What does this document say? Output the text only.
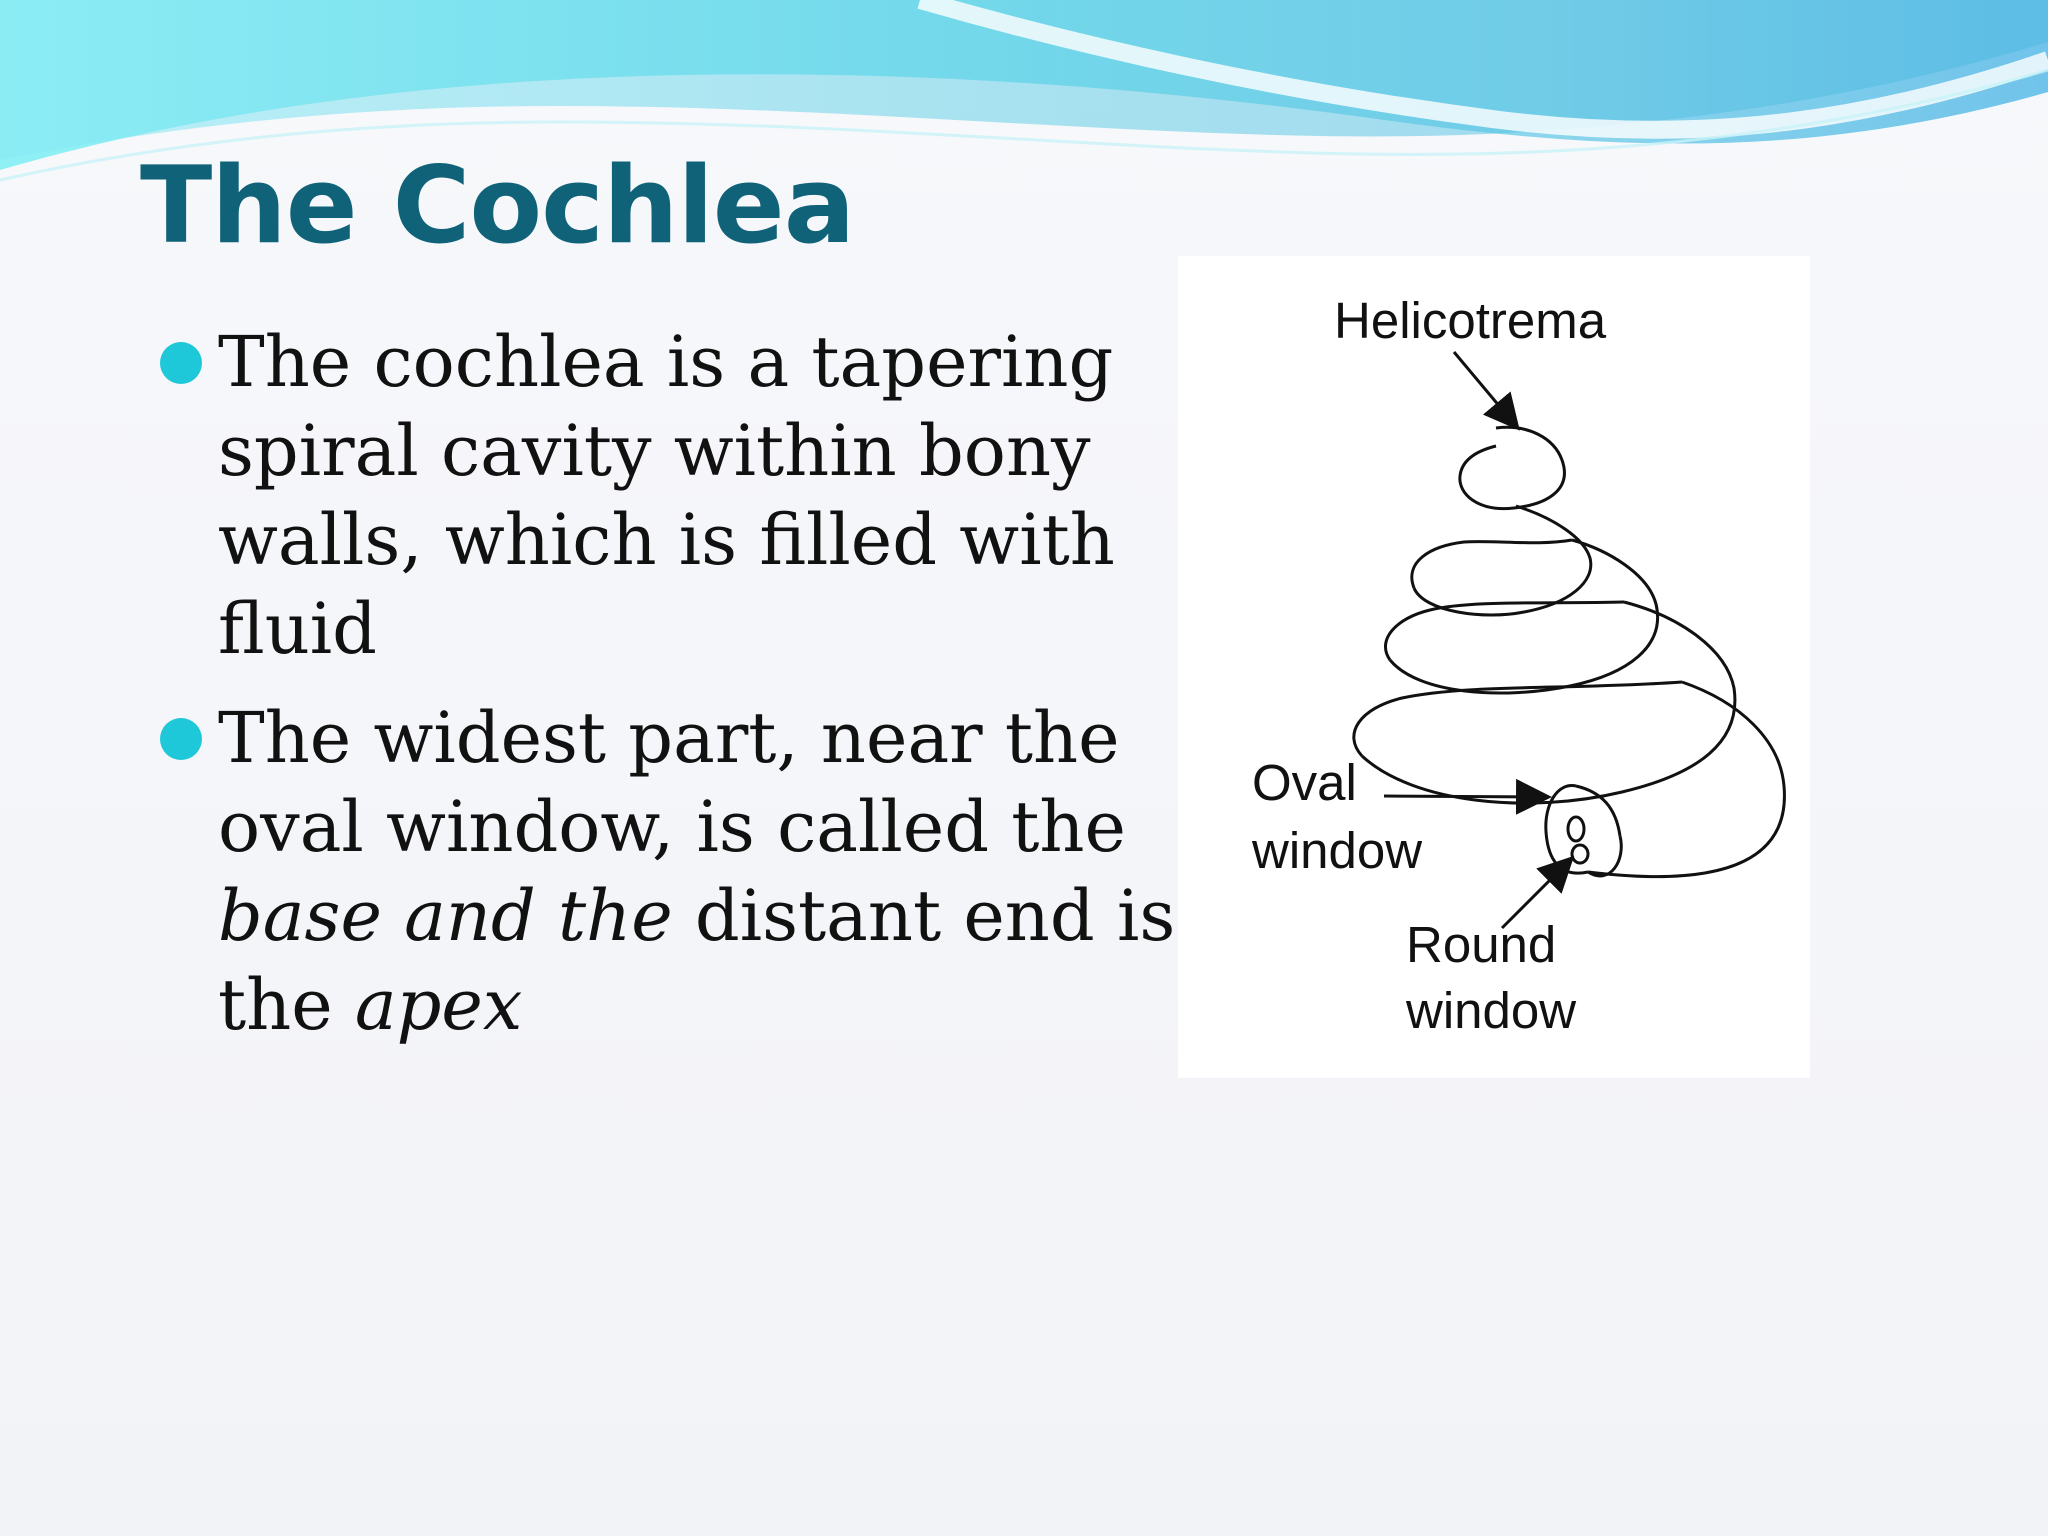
The Cochlea
The cochlea is a tapering
spiral cavity within bony
walls, which is filled with
fluid
The widest part, near the
oval window, is called the
base and the distant end is
the apex
Helicotrema
Oval
window
Round
window
